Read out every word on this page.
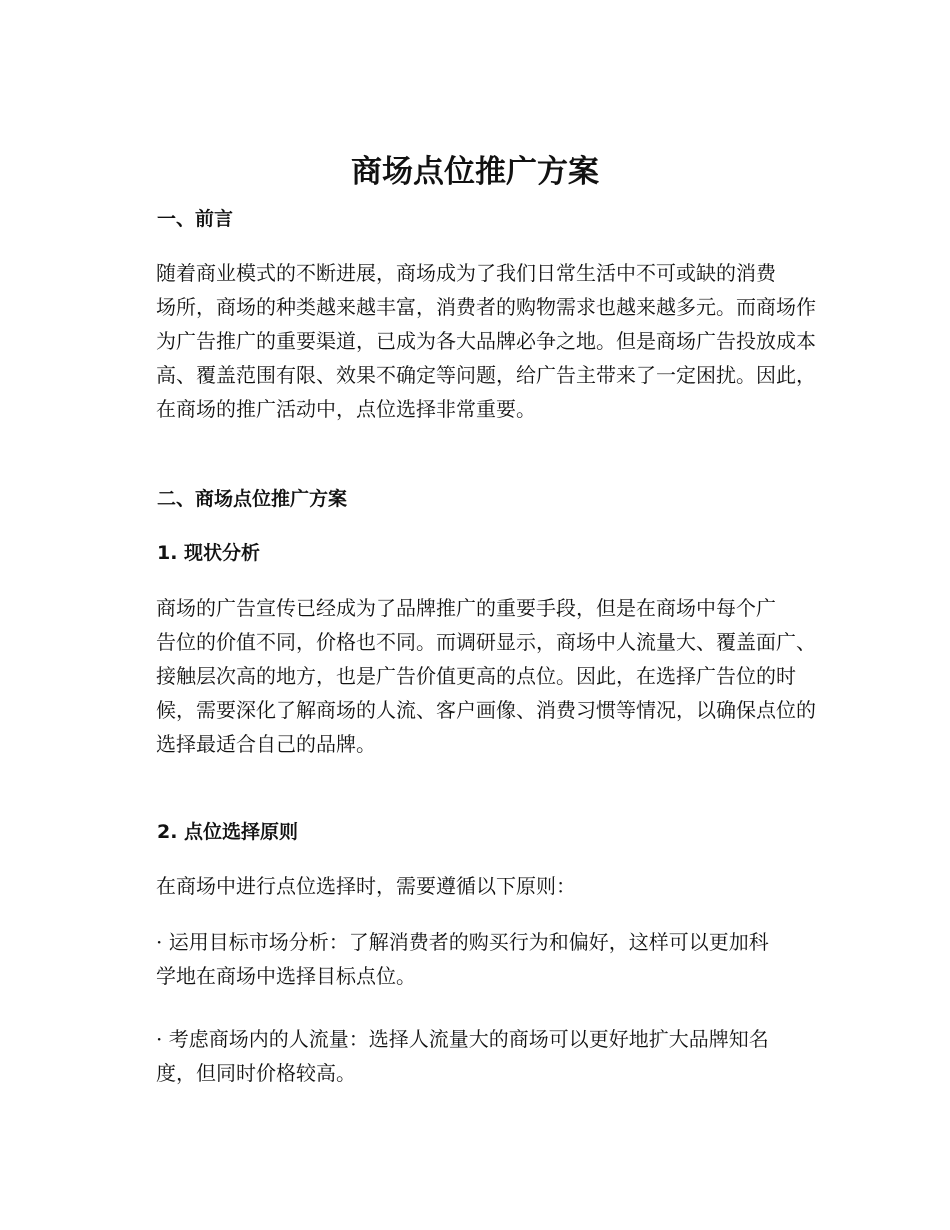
商场点位推广方案
一、前言

随着商业模式的不断进展，商场成为了我们日常生活中不可或缺的消费
场所，商场的种类越来越丰富，消费者的购物需求也越来越多元。而商场作
为广告推广的重要渠道，已成为各大品牌必争之地。但是商场广告投放成本
高、覆盖范围有限、效果不确定等问题，给广告主带来了一定困扰。因此，
在商场的推广活动中，点位选择非常重要。

二、商场点位推广方案
1. 现状分析

商场的广告宣传已经成为了品牌推广的重要手段，但是在商场中每个广
告位的价值不同，价格也不同。而调研显示，商场中人流量大、覆盖面广、
接触层次高的地方，也是广告价值更高的点位。因此，在选择广告位的时
候，需要深化了解商场的人流、客户画像、消费习惯等情况，以确保点位的
选择最适合自己的品牌。

2. 点位选择原则

在商场中进行点位选择时，需要遵循以下原则：

· 运用目标市场分析：了解消费者的购买行为和偏好，这样可以更加科
学地在商场中选择目标点位。

· 考虑商场内的人流量：选择人流量大的商场可以更好地扩大品牌知名
度，但同时价格较高。
